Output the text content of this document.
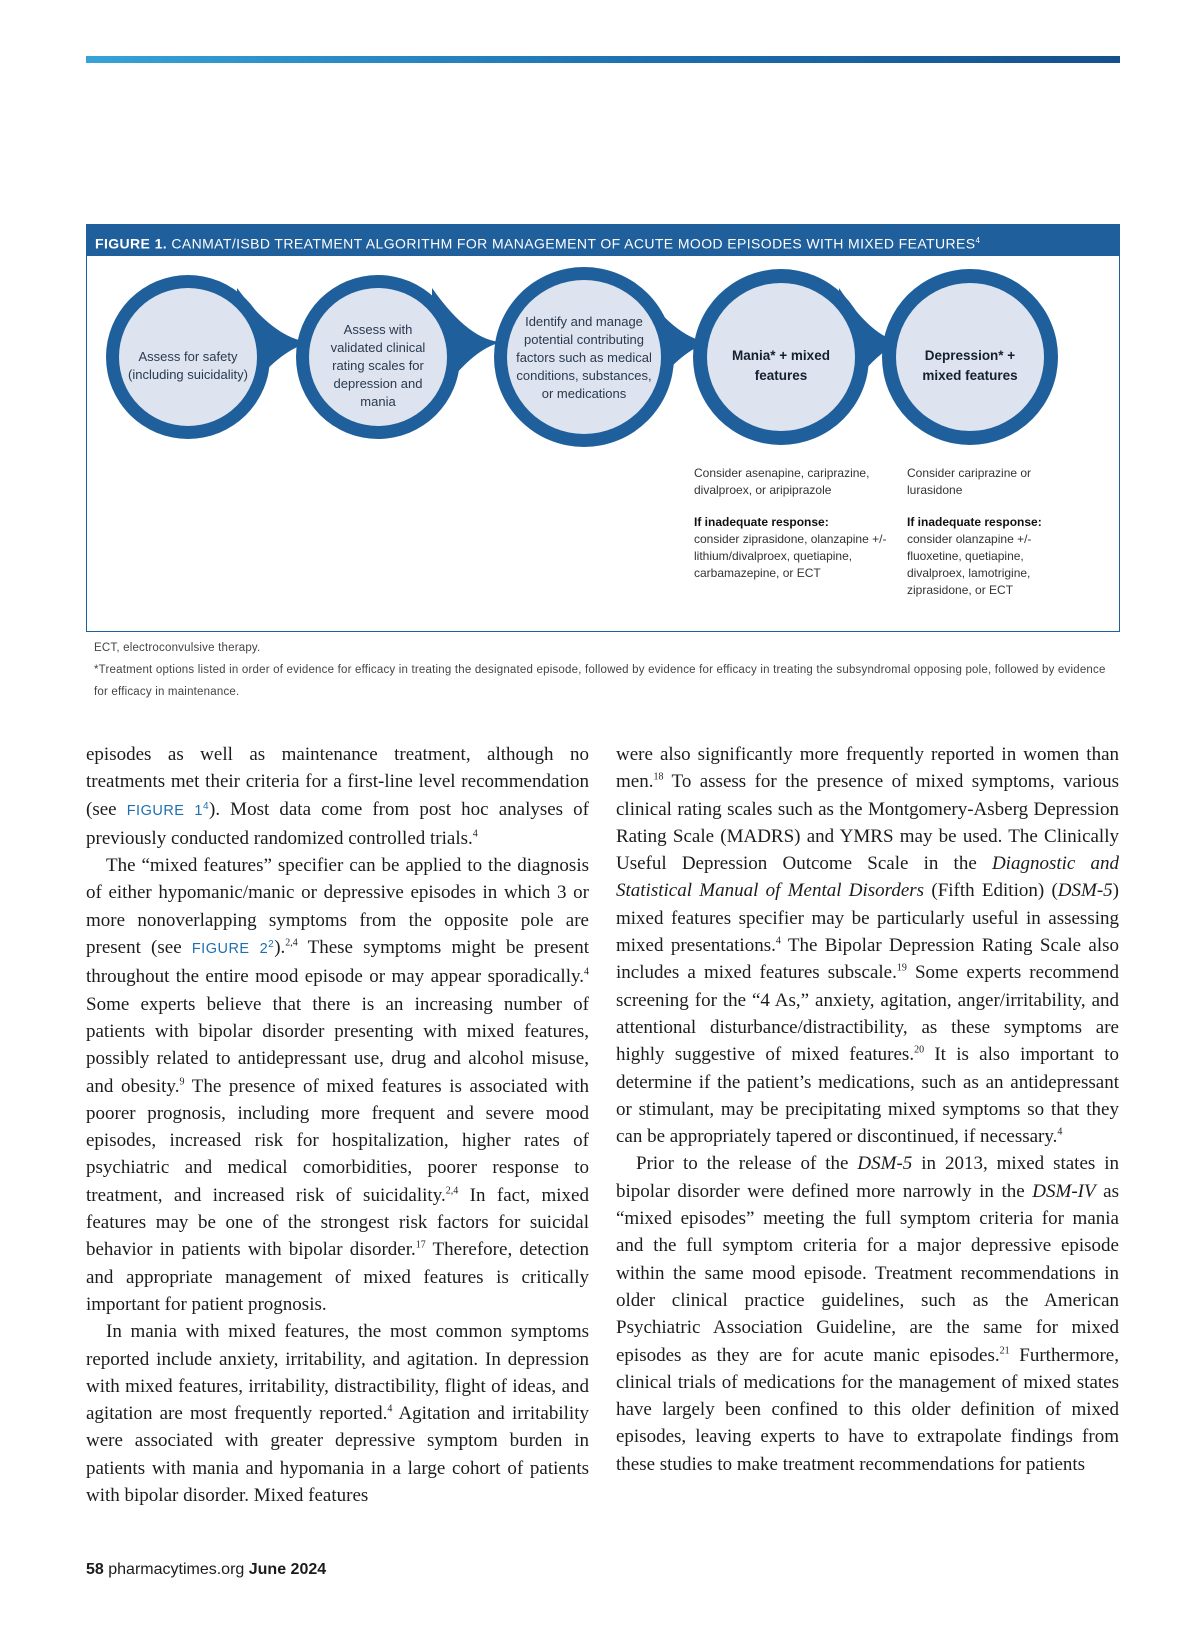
FIGURE 1. CANMAT/ISBD TREATMENT ALGORITHM FOR MANAGEMENT OF ACUTE MOOD EPISODES WITH MIXED FEATURES$^4$
Assess for safety (including suicidality)
Assess with validated clinical rating scales for depression and mania
Identify and manage potential contributing factors such as medical conditions, substances, or medications
Mania* + mixed features
Depression* + mixed features
Consider asenapine, cariprazine, divalproex, or aripiprazole
If inadequate response:
consider ziprasidone, olanzapine +/- lithium/divalproex, quetiapine, carbamazepine, or ECT
Consider cariprazine or lurasidone
If inadequate response:
consider olanzapine +/- fluoxetine, quetiapine, divalproex, lamotrigine, ziprasidone, or ECT
ECT, electroconvulsive therapy.
*Treatment options listed in order of evidence for efficacy in treating the designated episode, followed by evidence for efficacy in treating the subsyndromal opposing pole, followed by evidence for efficacy in maintenance.

episodes as well as maintenance treatment, although no treatments met their criteria for a first-line level recommendation (see FIGURE $1^4$). Most data come from post hoc analyses of previously conducted randomized controlled trials.$^4$

The “mixed features” specifier can be applied to the diagnosis of either hypomanic/manic or depressive episodes in which 3 or more nonoverlapping symptoms from the opposite pole are present (see FIGURE $2^2).^{2,4}$ These symptoms might be present throughout the entire mood episode or may appear sporadically.$^4$ Some experts believe that there is an increasing number of patients with bipolar disorder presenting with mixed features, possibly related to antidepressant use, drug and alcohol misuse, and obesity.$^9$ The presence of mixed features is associated with poorer prognosis, including more frequent and severe mood episodes, increased risk for hospitalization, higher rates of psychiatric and medical comorbidities, poorer response to treatment, and increased risk of suicidality.$^{2,4}$ In fact, mixed features may be one of the strongest risk factors for suicidal behavior in patients with bipolar disorder.$^{17}$ Therefore, detection and appropriate management of mixed features is critically important for patient prognosis.

In mania with mixed features, the most common symptoms reported include anxiety, irritability, and agitation. In depression with mixed features, irritability, distractibility, flight of ideas, and agitation are most frequently reported.$^4$ Agitation and irritability were associated with greater depressive symptom burden in patients with mania and hypomania in a large cohort of patients with bipolar disorder. Mixed features

were also significantly more frequently reported in women than men.$^{18}$ To assess for the presence of mixed symptoms, various clinical rating scales such as the Montgomery-Asberg Depression Rating Scale (MADRS) and YMRS may be used. The Clinically Useful Depression Outcome Scale in the Diagnostic and Statistical Manual of Mental Disorders (Fifth Edition) (DSM-5) mixed features specifier may be particularly useful in assessing mixed presentations.$^4$ The Bipolar Depression Rating Scale also includes a mixed features subscale.$^{19}$ Some experts recommend screening for the “4 As,” anxiety, agitation, anger/irritability, and attentional disturbance/distractibility, as these symptoms are highly suggestive of mixed features.$^{20}$ It is also important to determine if the patient’s medications, such as an antidepressant or stimulant, may be precipitating mixed symptoms so that they can be appropriately tapered or discontinued, if necessary.$^4$

Prior to the release of the DSM-5 in 2013, mixed states in bipolar disorder were defined more narrowly in the DSM-IV as “mixed episodes” meeting the full symptom criteria for mania and the full symptom criteria for a major depressive episode within the same mood episode. Treatment recommendations in older clinical practice guidelines, such as the American Psychiatric Association Guideline, are the same for mixed episodes as they are for acute manic episodes.$^{21}$ Furthermore, clinical trials of medications for the management of mixed states have largely been confined to this older definition of mixed episodes, leaving experts to have to extrapolate findings from these studies to make treatment recommendations for patients

58 pharmacytimes.org June 2024
